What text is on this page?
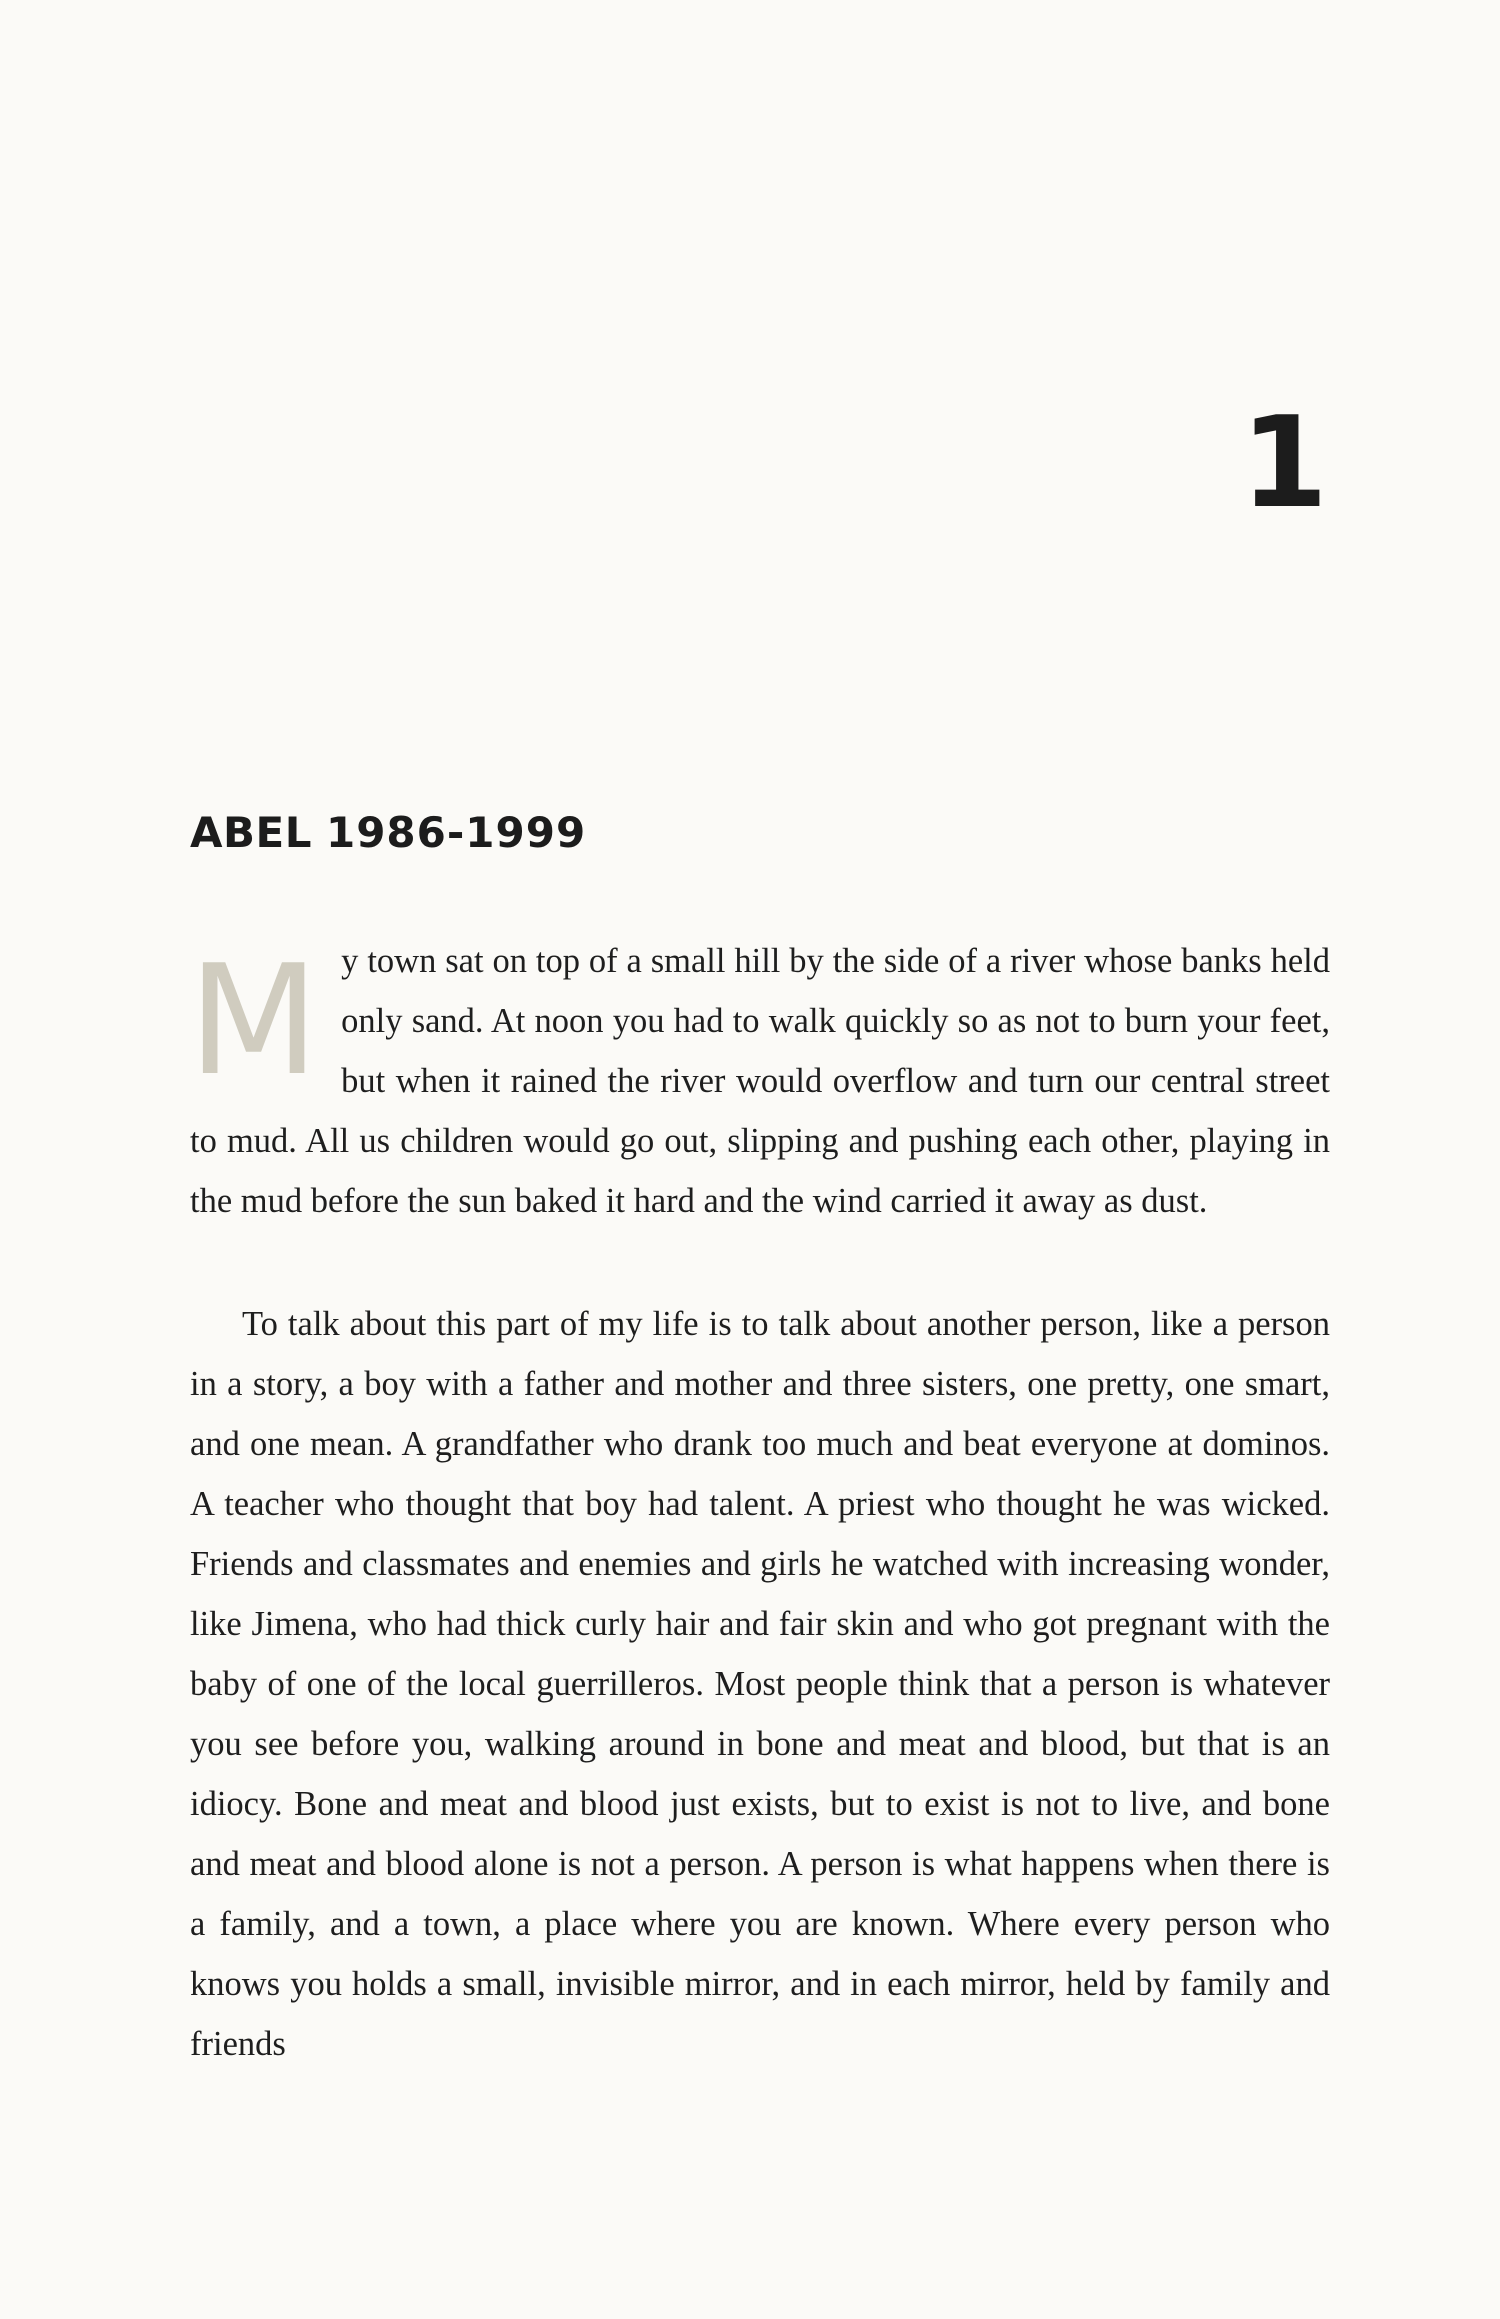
1
ABEL 1986-1999
My town sat on top of a small hill by the side of a river whose banks held only sand. At noon you had to walk quickly so as not to burn your feet, but when it rained the river would overflow and turn our central street to mud. All us children would go out, slipping and pushing each other, playing in the mud before the sun baked it hard and the wind carried it away as dust.
To talk about this part of my life is to talk about another person, like a person in a story, a boy with a father and mother and three sisters, one pretty, one smart, and one mean. A grandfather who drank too much and beat everyone at dominos. A teacher who thought that boy had talent. A priest who thought he was wicked. Friends and classmates and enemies and girls he watched with increasing wonder, like Jimena, who had thick curly hair and fair skin and who got pregnant with the baby of one of the local guerrilleros. Most people think that a person is whatever you see before you, walking around in bone and meat and blood, but that is an idiocy. Bone and meat and blood just exists, but to exist is not to live, and bone and meat and blood alone is not a person. A person is what happens when there is a family, and a town, a place where you are known. Where every person who knows you holds a small, invisible mirror, and in each mirror, held by family and friends
